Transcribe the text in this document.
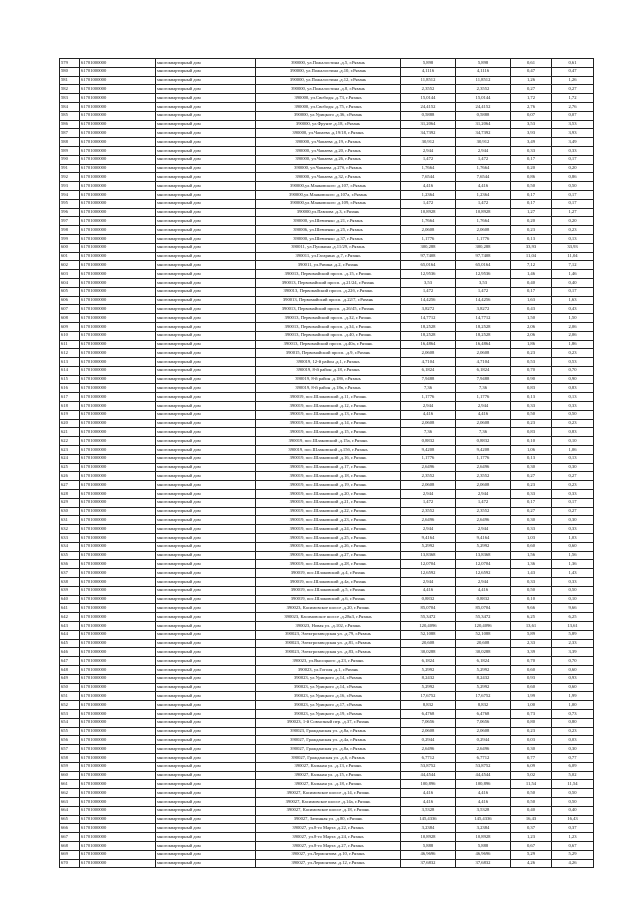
579	61701000000	многоквартирный дом	390000, ул.Пожалостина ,д.5, г.Рязань	5,898	5,898	0,61	0,61
580	61701000000	многоквартирный дом	390000, ул.Пожалостина ,д.10, г.Рязань	4,1116	4,1116	0,47	0,47
581	61701000000	многоквартирный дом	390000, ул.Пожалостина ,д.12, г.Рязань	11,8512	11,8512	1,26	1,26
582	61701000000	многоквартирный дом	390000, ул.Пожалостина ,д.8, г.Рязань	2,3552	2,3552	0,27	0,27
583	61701000000	многоквартирный дом	390000, ул.Свободы ,д.73, г.Рязань	15,0144	15,0144	1,72	1,72
584	61701000000	многоквартирный дом	390000, ул.Свободы ,д.75, г.Рязань	24,4152	24,4152	2,76	2,76
585	61701000000	многоквартирный дом	390000, ул.Урицкого ,д.36, г.Рязань	0,5888	0,5888	0,07	0,07
586	61701000000	многоквартирный дом	390000, ул.Фрунзе ,д.18, г.Рязань	31,2064	31,2064	3,53	3,53
587	61701000000	многоквартирный дом	390000, ул.Чапаева ,д.19/18, г.Рязань	34,7392	34,7392	3,93	3,93
588	61701000000	многоквартирный дом	390000, ул.Чапаева ,д.19, г.Рязань	30,912	30,912	3,49	3,49
589	61701000000	многоквартирный дом	390000, ул.Чапаева ,д.20, г.Рязань	2,944	2,944	0,33	0,33
590	61701000000	многоквартирный дом	390000, ул.Чапаева ,д.26, г.Рязань	1,472	1,472	0,17	0,17
591	61701000000	многоквартирный дом	390000, ул.Чапаева ,д.27б, г.Рязань	1,7664	1,7664	0,20	0,20
592	61701000000	многоквартирный дом	390000, ул.Чапаева ,д.32, г.Рязань	7,6544	7,6544	0,86	0,86
593	61701000000	многоквартирный дом	390000,ул.Маяковского ,д.107, г.Рязань	4,416	4,416	0,50	0,50
594	61701000000	многоквартирный дом	390000,ул.Маяковского ,д.107а, г.Рязань	1,2364	1,2364	0,17	0,17
595	61701000000	многоквартирный дом	390000,ул.Маяковского ,д.109, г.Рязань	1,472	1,472	0,17	0,17
596	61701000000	многоквартирный дом	390000,ул.Павлова ,д.3, г.Рязань	10,8928	10,8928	1,27	1,27
597	61701000000	многоквартирный дом	390000, ул.Шевченко ,д.21, г.Рязань	1,7664	1,7664	0,20	0,20
598	61701000000	многоквартирный дом	390006, ул.Шевченко ,д.25, г.Рязань	2,0608	2,0608	0,23	0,23
599	61701000000	многоквартирный дом	390000, ул.Шевченко ,д.37, г.Рязань	1,1776	1,1776	0,13	0,13
600	61701000000	многоквартирный дом	390011, ул.Пушкина ,д.11/29, г.Рязань	300,288	300,288	33,93	33,93
601	61701000000	многоквартирный дом	390011, ул.Гагарина ,д.7, г.Рязань	97,7408	97,7408	11,04	11,04
602	61701000000	многоквартирный дом	390011, ул.Рязина ,д.2, г.Рязань	65,0164	65,0164	7,12	7,12
603	61701000000	многоквартирный дом	390013, Первомайский просп. ,д.15, г.Рязань	12,9536	12,9536	1,46	1,46
604	61701000000	многоквартирный дом	390013, Первомайский просп. ,д.21/24, г.Рязань	3,53	3,53	0,40	0,40
605	61701000000	многоквартирный дом	390013, Первомайский просп. ,д.22б, г.Рязань	1,472	1,472	0,17	0,17
606	61701000000	многоквартирный дом	390013, Первомайский просп. ,д.22/7, г.Рязань	14,4256	14,4256	1,63	1,63
607	61701000000	многоквартирный дом	390013, Первомайский просп. ,д.26/45, г.Рязань	3,8272	3,8272	0,43	0,43
608	61701000000	многоквартирный дом	390013, Первомайский просп. ,д.32, г.Рязань	14,7712	14,7712	1,50	1,50
609	61701000000	многоквартирный дом	390013, Первомайский просп. ,д.34, г.Рязань	18,2528	18,2528	2,06	2,06
610	61701000000	многоквартирный дом	390013, Первомайский просп. ,д.40, г.Рязань	18,2528	18,2528	2,06	2,06
611	61701000000	многоквартирный дом	390013, Первомайский просп. ,д.40а, г.Рязань	16,4864	16,4864	1,86	1,86
612	61701000000	многоквартирный дом	390015, Первомайский просп. ,д.9, г.Рязань	2,0608	2,0608	0,23	0,23
613	61701000000	многоквартирный дом	390019, 12-й район ,д.1, г.Рязань	4,7104	4,7104	0,53	0,53
614	61701000000	многоквартирный дом	390019, 8-й район ,д.18, г.Рязань	6,1824	6,1824	0,70	0,70
615	61701000000	многоквартирный дом	390019, 8-й район ,д.18б, г.Рязань	7,9488	7,9488	0,90	0,90
616	61701000000	многоквартирный дом	390019, 8-й район ,д.18в, г.Рязань	7,36	7,36	0,83	0,83
617	61701000000	многоквартирный дом	390019, пос.Шлаковский ,д.11, г.Рязань	1,1776	1,1776	0,13	0,13
618	61701000000	многоквартирный дом	390019, пос.Шлаковский ,д.12, г.Рязань	2,944	2,944	0,33	0,33
619	61701000000	многоквартирный дом	390019, пос.Шлаковский ,д.13, г.Рязань	4,416	4,416	0,50	0,50
620	61701000000	многоквартирный дом	390019, пос.Шлаковский ,д.14, г.Рязань	2,0608	2,0608	0,23	0,23
621	61701000000	многоквартирный дом	390019, пос.Шлаковский ,д.15, г.Рязань	7,36	7,36	0,83	0,83
622	61701000000	многоквартирный дом	390019, пос.Шлаковский ,д.15а, г.Рязань	0,8832	0,8832	0,10	0,10
623	61701000000	многоквартирный дом	390019, пос.Шлаковский ,д.15б, г.Рязань	9,4208	9,4208	1,06	1,06
624	61701000000	многоквартирный дом	390019, пос.Шлаковский ,д.16, г.Рязань	1,1776	1,1776	0,13	0,13
625	61701000000	многоквартирный дом	390019, пос.Шлаковский ,д.17, г.Рязань	2,6496	2,6496	0,30	0,30
626	61701000000	многоквартирный дом	390019, пос.Шлаковский ,д.18, г.Рязань	2,3552	2,3552	0,27	0,27
627	61701000000	многоквартирный дом	390019, пос.Шлаковский ,д.19, г.Рязань	2,0608	2,0608	0,23	0,23
628	61701000000	многоквартирный дом	390019, пос.Шлаковский ,д.20, г.Рязань	2,944	2,944	0,33	0,33
629	61701000000	многоквартирный дом	390019, пос.Шлаковский ,д.21, г.Рязань	1,472	1,472	0,17	0,17
630	61701000000	многоквартирный дом	390019, пос.Шлаковский ,д.22, г.Рязань	2,3552	2,3552	0,27	0,27
631	61701000000	многоквартирный дом	390019, пос.Шлаковский ,д.23, г.Рязань	2,6496	2,6496	0,30	0,30
632	61701000000	многоквартирный дом	390019, пос.Шлаковский ,д.24, г.Рязань	2,944	2,944	0,33	0,33
633	61701000000	многоквартирный дом	390019, пос.Шлаковский ,д.25, г.Рязань	9,4164	9,4164	1,03	1,03
634	61701000000	многоквартирный дом	390019, пос.Шлаковский ,д.26, г.Рязань	5,2992	5,2992	0,60	0,60
635	61701000000	многоквартирный дом	390019, пос.Шлаковский ,д.27, г.Рязань	13,8368	13,8368	1,56	1,56
636	61701000000	многоквартирный дом	390019, пос.Шлаковский ,д.28, г.Рязань	12,0704	12,0704	1,36	1,36
637	61701000000	многоквартирный дом	390019, пос.Шлаковский ,д.4, г.Рязань	12,6592	12,6592	1,43	1,43
638	61701000000	многоквартирный дом	390019, пос.Шлаковский ,д.4а, г.Рязань	2,944	2,944	0,33	0,33
639	61701000000	многоквартирный дом	390019, пос.Шлаковский ,д.5, г.Рязань	4,416	4,416	0,50	0,50
640	61701000000	многоквартирный дом	390019, пос.Шлаковский ,д.6, г.Рязань	0,8832	0,8832	0,10	0,10
641	61701000000	многоквартирный дом	390023, Касимовское шоссе ,д.20, г.Рязань	85,0704	85,0704	9,66	9,66
642	61701000000	многоквартирный дом	390023, Касимовское шоссе ,д.28к3, г.Рязань	55,3472	55,3472	6,25	6,25
643	61701000000	многоквартирный дом	390023, Новая ул. ,д.102, г.Рязань	120,4096	120,4096	13,61	13,61
644	61701000000	многоквартирный дом	390023, Электрозаводская ул. ,д.79, г.Рязань	52,1088	52,1088	5,89	5,89
645	61701000000	многоквартирный дом	390023, Электрозаводская ул. ,д.81, г.Рязань	20,608	20,608	2,33	2,33
646	61701000000	многоквартирный дом	390023, Электрозаводская ул. ,д.83, г.Рязань	30,0288	30,0288	3,39	3,39
647	61701000000	многоквартирный дом	390023, ул.Высоцкого ,д.23, г.Рязань	6,1824	6,1824	0,70	0,70
648	61701000000	многоквартирный дом	390023, ул.Гоголя ,д.1, г.Рязань	5,2992	5,2992	0,60	0,60
649	61701000000	многоквартирный дом	390023, ул.Урицкого ,д.14, г.Рязань	8,2432	8,2432	0,93	0,93
650	61701000000	многоквартирный дом	390023, ул.Урицкого ,д.14, г.Рязань	5,2992	5,2992	0,60	0,60
651	61701000000	многоквартирный дом	390023, ул.Урицкого ,д.16, г.Рязань	17,6752	17,6752	1,99	1,99
652	61701000000	многоквартирный дом	390023, ул.Урицкого ,д.17, г.Рязань	8,832	8,832	1,00	1,00
653	61701000000	многоквартирный дом	390023, ул.Урицкого ,д.19, г.Рязань	6,4768	6,4768	0,73	0,73
654	61701000000	многоквартирный дом	390023, 1-й Совхозный пер. ,д.37, г.Рязань	7,0656	7,0656	0,80	0,80
655	61701000000	многоквартирный дом	390023, Гражданская ул. ,д.8а, г.Рязань	2,0608	2,0608	0,23	0,23
656	61701000000	многоквартирный дом	390027, Гражданская ул. ,д.4а, г.Рязань	0,2944	0,2944	0,03	0,03
657	61701000000	многоквартирный дом	390027, Гражданская ул. ,д.8а, г.Рязань	2,6496	2,6496	0,30	0,30
658	61701000000	многоквартирный дом	390027, Гражданская ул. ,д.6, г.Рязань	6,7712	6,7712	0,77	0,77
659	61701000000	многоквартирный дом	390027, Кальная ул. ,д.13, г.Рязань	53,8752	53,8752	6,09	6,09
660	61701000000	многоквартирный дом	390027, Кальная ул. ,д.15, г.Рязань	44,4544	44,4544	5,02	5,02
661	61701000000	многоквартирный дом	390027, Кальная ул. ,д.18, г.Рязань	100,896	100,896	11,54	11,54
662	61701000000	многоквартирный дом	390027, Касимовское шоссе ,д.14, г.Рязань	4,416	4,416	0,50	0,50
663	61701000000	многоквартирный дом	390027, Касимовское шоссе ,д.14а, г.Рязань	4,416	4,416	0,50	0,50
664	61701000000	многоквартирный дом	390027, Касимовское шоссе ,д.18, г.Рязань	3,5328	3,5328	0,40	0,40
665	61701000000	многоквартирный дом	390027, Затинная ул. ,д.80, г.Рязань	145,4336	145,4336	16,43	16,43
666	61701000000	многоквартирный дом	390027, ул.8-го Марта ,д.22, г.Рязань	3,2384	3,2384	0,37	0,37
667	61701000000	многоквартирный дом	390027, ул.8-го Марта ,д.24, г.Рязань	10,8928	10,8928	1,23	1,23
668	61701000000	многоквартирный дом	390027, ул.8-го Марта ,д.27, г.Рязань	5,888	5,888	0,67	0,67
669	61701000000	многоквартирный дом	390027, ул.Лермонтова ,д.10, г.Рязань	46,9696	46,9696	5,29	5,29
670	61701000000	многоквартирный дом	390027, ул.Лермонтова ,д.12, г.Рязань	37,6832	37,6832	4,26	4,26
